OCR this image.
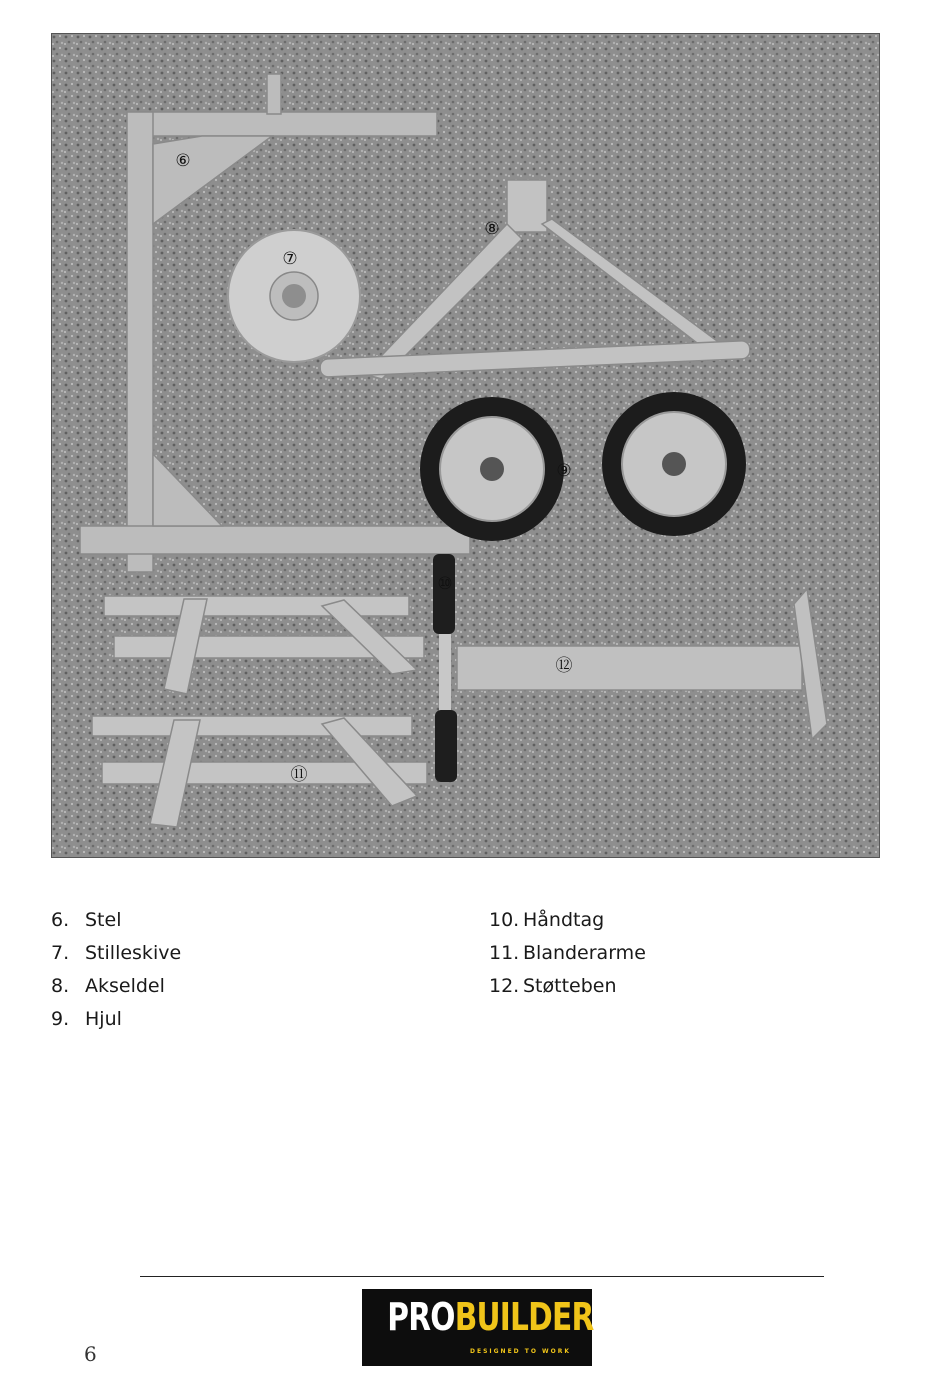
⑥
⑦
⑧
⑨
⑩
⑪
⑫
6. Stel
7. Stilleskive
8. Akseldel
9. Hjul
10. Håndtag
11. Blanderarme
12. Støtteben
6
PROBUILDER
DESIGNED TO WORK
